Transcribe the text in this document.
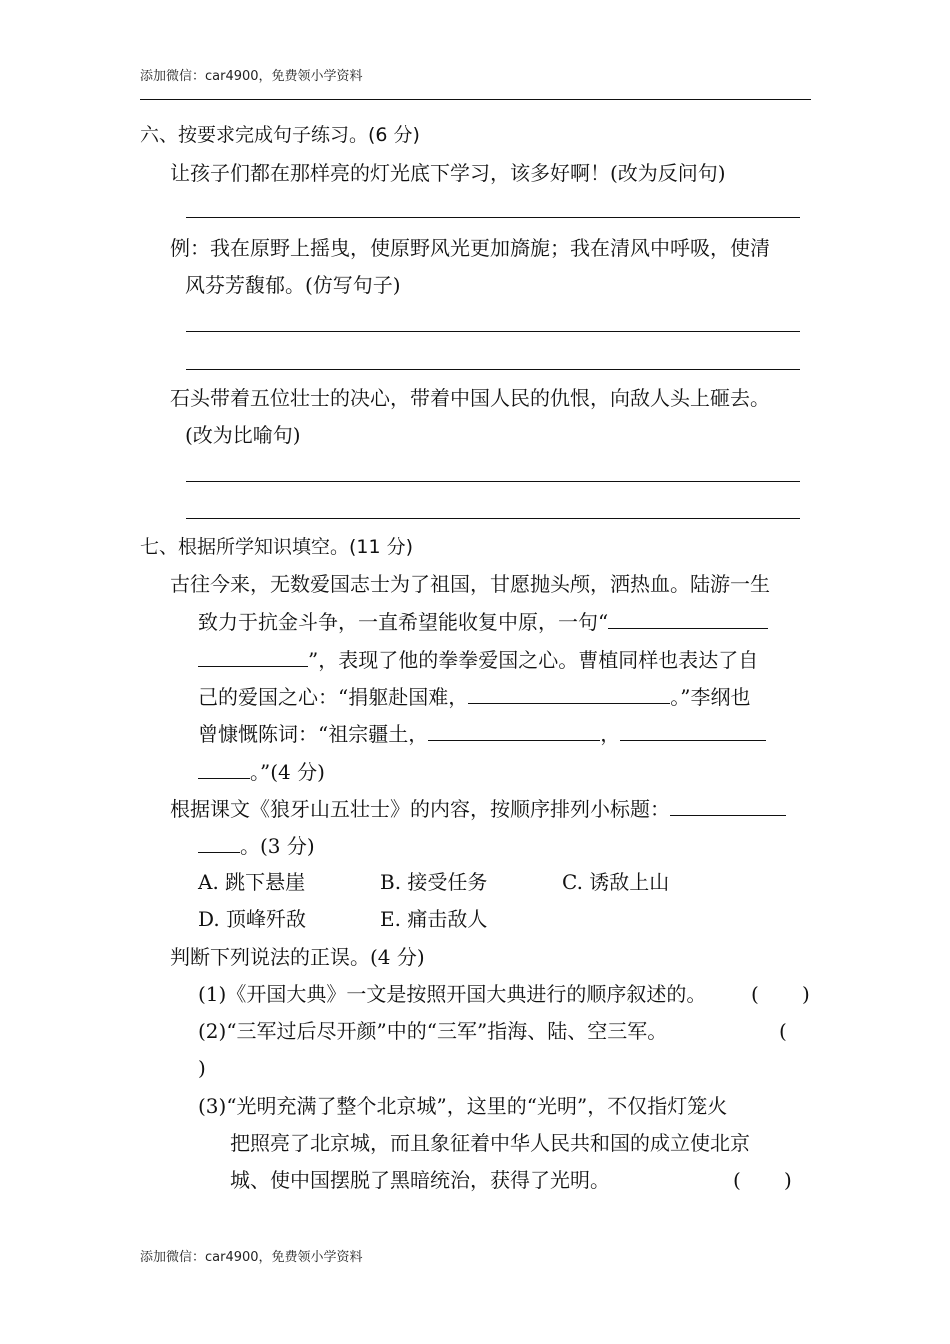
添加微信：car4900，免费领小学资料
六、按要求完成句子练习。(6 分)
让孩子们都在那样亮的灯光底下学习，该多好啊！(改为反问句)
例：我在原野上摇曳，使原野风光更加旖旎；我在清风中呼吸，使清
风芬芳馥郁。(仿写句子)
石头带着五位壮士的决心，带着中国人民的仇恨，向敌人头上砸去。
(改为比喻句)
七、根据所学知识填空。(11 分)
古往今来，无数爱国志士为了祖国，甘愿抛头颅，洒热血。陆游一生
致力于抗金斗争，一直希望能收复中原，一句“
”，表现了他的拳拳爱国之心。曹植同样也表达了自
己的爱国之心：“捐躯赴国难，	。”李纲也
曾慷慨陈词：“祖宗疆土，	，
。”(4 分)
根据课文《狼牙山五壮士》的内容，按顺序排列小标题：
。(3 分)
A. 跳下悬崖	B. 接受任务	C. 诱敌上山
D. 顶峰歼敌	E. 痛击敌人
判断下列说法的正误。(4 分)
(1)《开国大典》一文是按照开国大典进行的顺序叙述的。 ( )
(2)“三军过后尽开颜”中的“三军”指海、陆、空三军。	(
)
(3)“光明充满了整个北京城”，这里的“光明”，不仅指灯笼火
把照亮了北京城，而且象征着中华人民共和国的成立使北京
城、使中国摆脱了黑暗统治，获得了光明。	( )
添加微信：car4900，免费领小学资料
